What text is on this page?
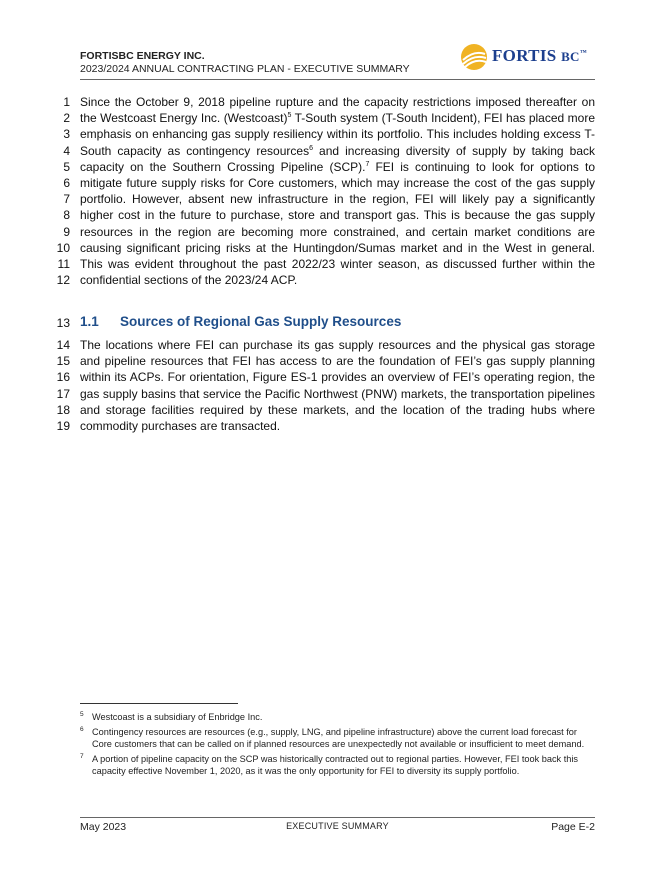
FORTISBC ENERGY INC.
2023/2024 ANNUAL CONTRACTING PLAN - EXECUTIVE SUMMARY
FORTIS BC™
1
2
3
4
5
6
7
8
9
10
11
12
13
14
15
16
17
18
19

Since the October 9, 2018 pipeline rupture and the capacity restrictions imposed thereafter on the Westcoast Energy Inc. (Westcoast)$^5$ T-South system (T-South Incident), FEI has placed more emphasis on enhancing gas supply resiliency within its portfolio. This includes holding excess T-South capacity as contingency resources$^6$ and increasing diversity of supply by taking back capacity on the Southern Crossing Pipeline (SCP).$^7$ FEI is continuing to look for options to mitigate future supply risks for Core customers, which may increase the cost of the gas supply portfolio. However, absent new infrastructure in the region, FEI will likely pay a significantly higher cost in the future to purchase, store and transport gas. This is because the gas supply resources in the region are becoming more constrained, and certain market conditions are causing significant pricing risks at the Huntingdon/Sumas market and in the West in general. This was evident throughout the past 2022/23 winter season, as discussed further within the confidential sections of the 2023/24 ACP.

1.1 Sources of Regional Gas Supply Resources

The locations where FEI can purchase its gas supply resources and the physical gas storage and pipeline resources that FEI has access to are the foundation of FEI’s gas supply planning within its ACPs. For orientation, Figure ES-1 provides an overview of FEI’s operating region, the gas supply basins that service the Pacific Northwest (PNW) markets, the transportation pipelines and storage facilities required by these markets, and the location of the trading hubs where commodity purchases are transacted.

5 Westcoast is a subsidiary of Enbridge Inc.
6 Contingency resources are resources (e.g., supply, LNG, and pipeline infrastructure) above the current load forecast for Core customers that can be called on if planned resources are unexpectedly not available or insufficient to meet demand.
7 A portion of pipeline capacity on the SCP was historically contracted out to regional parties. However, FEI took back this capacity effective November 1, 2020, as it was the only opportunity for FEI to diversity its supply portfolio.
May 2023	EXECUTIVE SUMMARY	Page E-2
